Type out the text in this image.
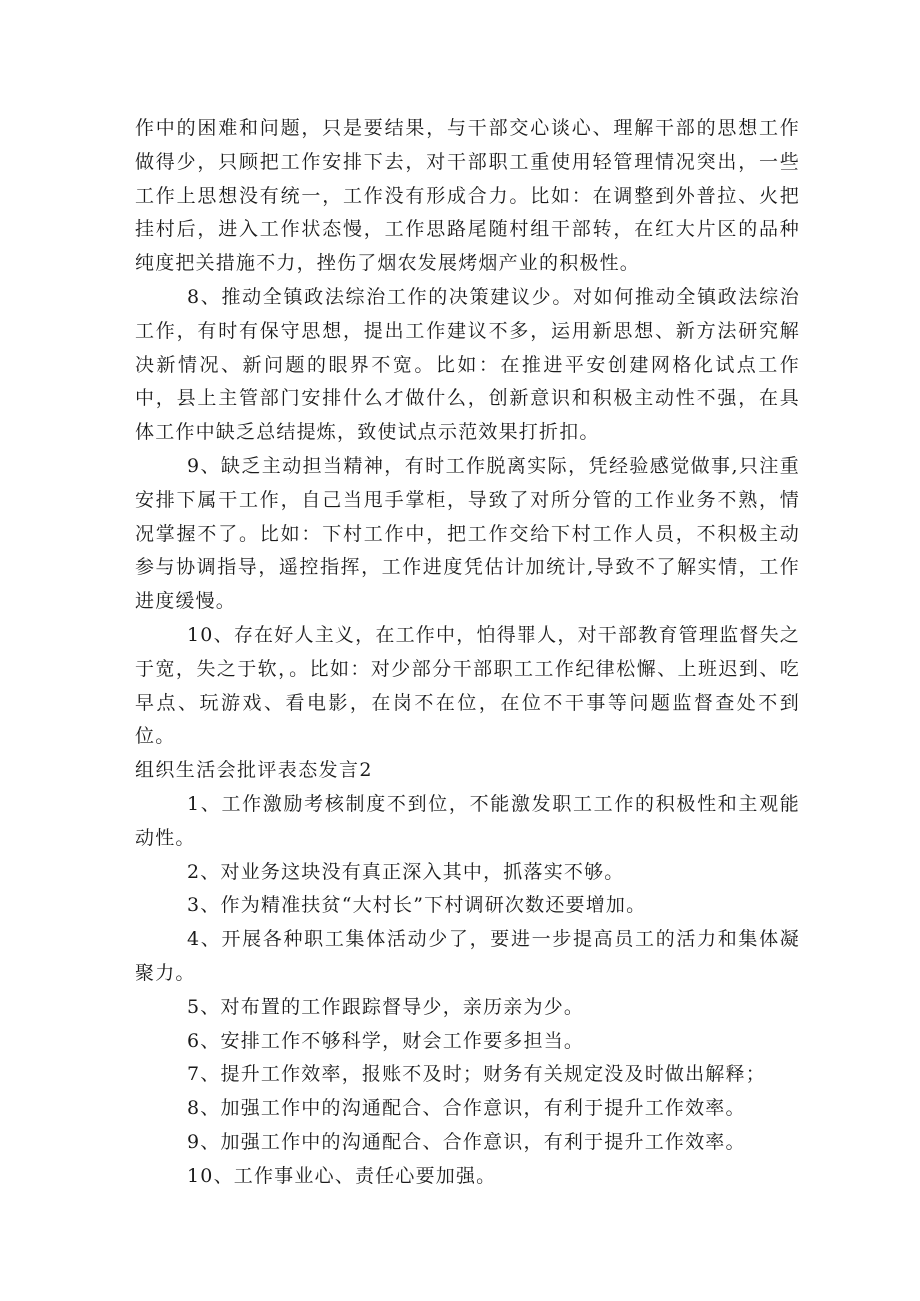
作中的困难和问题，只是要结果，与干部交心谈心、理解干部的思想工作做得少，只顾把工作安排下去，对干部职工重使用轻管理情况突出，一些工作上思想没有统一，工作没有形成合力。比如：在调整到外普拉、火把挂村后，进入工作状态慢，工作思路尾随村组干部转，在红大片区的品种纯度把关措施不力，挫伤了烟农发展烤烟产业的积极性。

8、推动全镇政法综治工作的决策建议少。对如何推动全镇政法综治工作，有时有保守思想，提出工作建议不多，运用新思想、新方法研究解决新情况、新问题的眼界不宽。比如：在推进平安创建网格化试点工作中，县上主管部门安排什么才做什么，创新意识和积极主动性不强，在具体工作中缺乏总结提炼，致使试点示范效果打折扣。

9、缺乏主动担当精神，有时工作脱离实际，凭经验感觉做事,只注重安排下属干工作，自己当甩手掌柜，导致了对所分管的工作业务不熟，情况掌握不了。比如：下村工作中，把工作交给下村工作人员，不积极主动参与协调指导，遥控指挥，工作进度凭估计加统计,导致不了解实情，工作进度缓慢。

10、存在好人主义，在工作中，怕得罪人，对干部教育管理监督失之于宽，失之于软，。比如：对少部分干部职工工作纪律松懈、上班迟到、吃早点、玩游戏、看电影，在岗不在位，在位不干事等问题监督查处不到位。

组织生活会批评表态发言2

1、工作激励考核制度不到位，不能激发职工工作的积极性和主观能动性。

2、对业务这块没有真正深入其中，抓落实不够。

3、作为精准扶贫“大村长”下村调研次数还要增加。

4、开展各种职工集体活动少了，要进一步提高员工的活力和集体凝聚力。

5、对布置的工作跟踪督导少，亲历亲为少。

6、安排工作不够科学，财会工作要多担当。

7、提升工作效率，报账不及时；财务有关规定没及时做出解释；

8、加强工作中的沟通配合、合作意识，有利于提升工作效率。

9、加强工作中的沟通配合、合作意识，有利于提升工作效率。

10、工作事业心、责任心要加强。
